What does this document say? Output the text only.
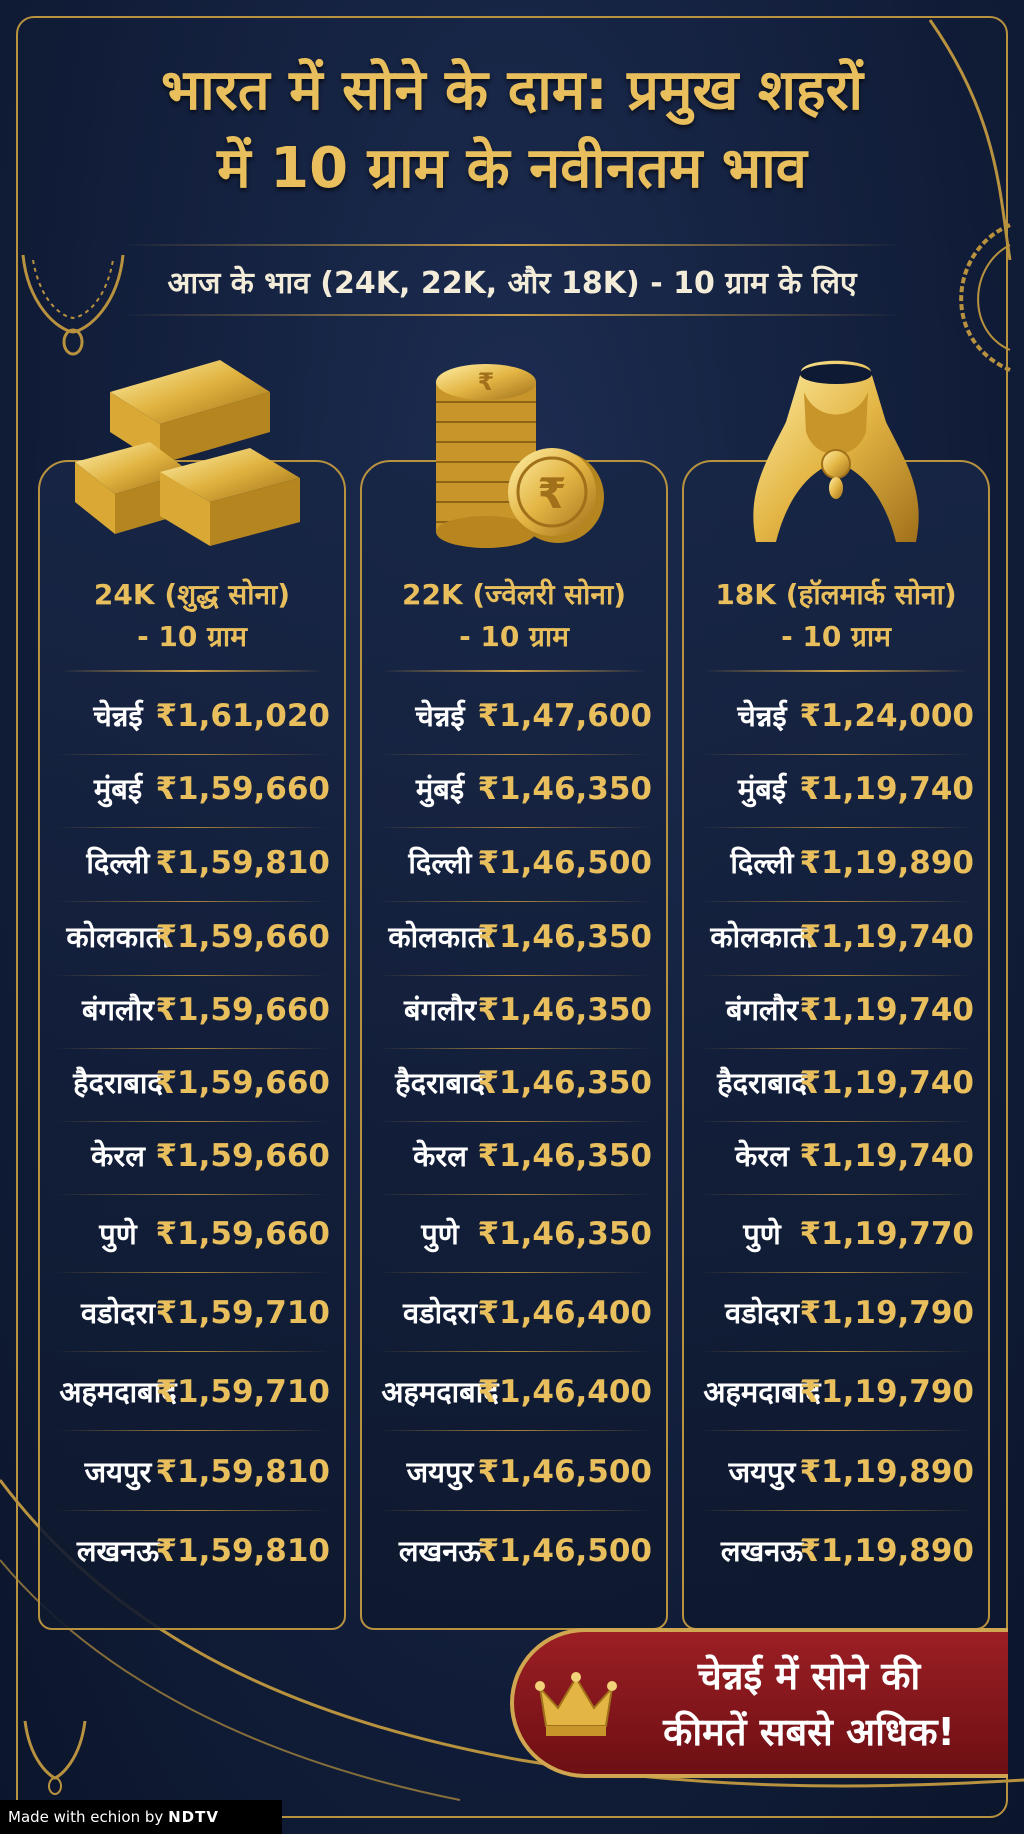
भारत में सोने के दाम: प्रमुख शहरों
में 10 ग्राम के नवीनतम भाव
आज के भाव (24K, 22K, और 18K) - 10 ग्राम के लिए
24K (शुद्ध सोना)
- 10 ग्राम
चेन्नई ₹1,61,020
मुंबई ₹1,59,660
दिल्ली ₹1,59,810
कोलकाता
₹1,59,660
बंगलौर ₹1,59,660
हैदराबाद
₹1,59,660
केरल ₹1,59,660
पुणे ₹1,59,660
वडोदरा ₹1,59,710
अहमदाबाद
₹1,59,710
जयपुर ₹1,59,810
लखनऊ
₹1,59,810
22K (ज्वेलरी सोना)
- 10 ग्राम
चेन्नई ₹1,47,600
मुंबई ₹1,46,350
दिल्ली ₹1,46,500
कोलकाता
₹1,46,350
बंगलौर ₹1,46,350
हैदराबाद
₹1,46,350
केरल ₹1,46,350
पुणे ₹1,46,350
वडोदरा ₹1,46,400
अहमदाबाद
₹1,46,400
जयपुर ₹1,46,500
लखनऊ
₹1,46,500
₹
₹
18K (हॉलमार्क सोना)
- 10 ग्राम
चेन्नई ₹1,24,000
मुंबई ₹1,19,740
दिल्ली ₹1,19,890
कोलकाता
₹1,19,740
बंगलौर ₹1,19,740
हैदराबाद
₹1,19,740
केरल ₹1,19,740
पुणे ₹1,19,770
वडोदरा ₹1,19,790
अहमदाबाद
₹1,19,790
जयपुर ₹1,19,890
लखनऊ
₹1,19,890
चेन्नई में सोने की
कीमतें सबसे अधिक!
Made with echion by NDTV
